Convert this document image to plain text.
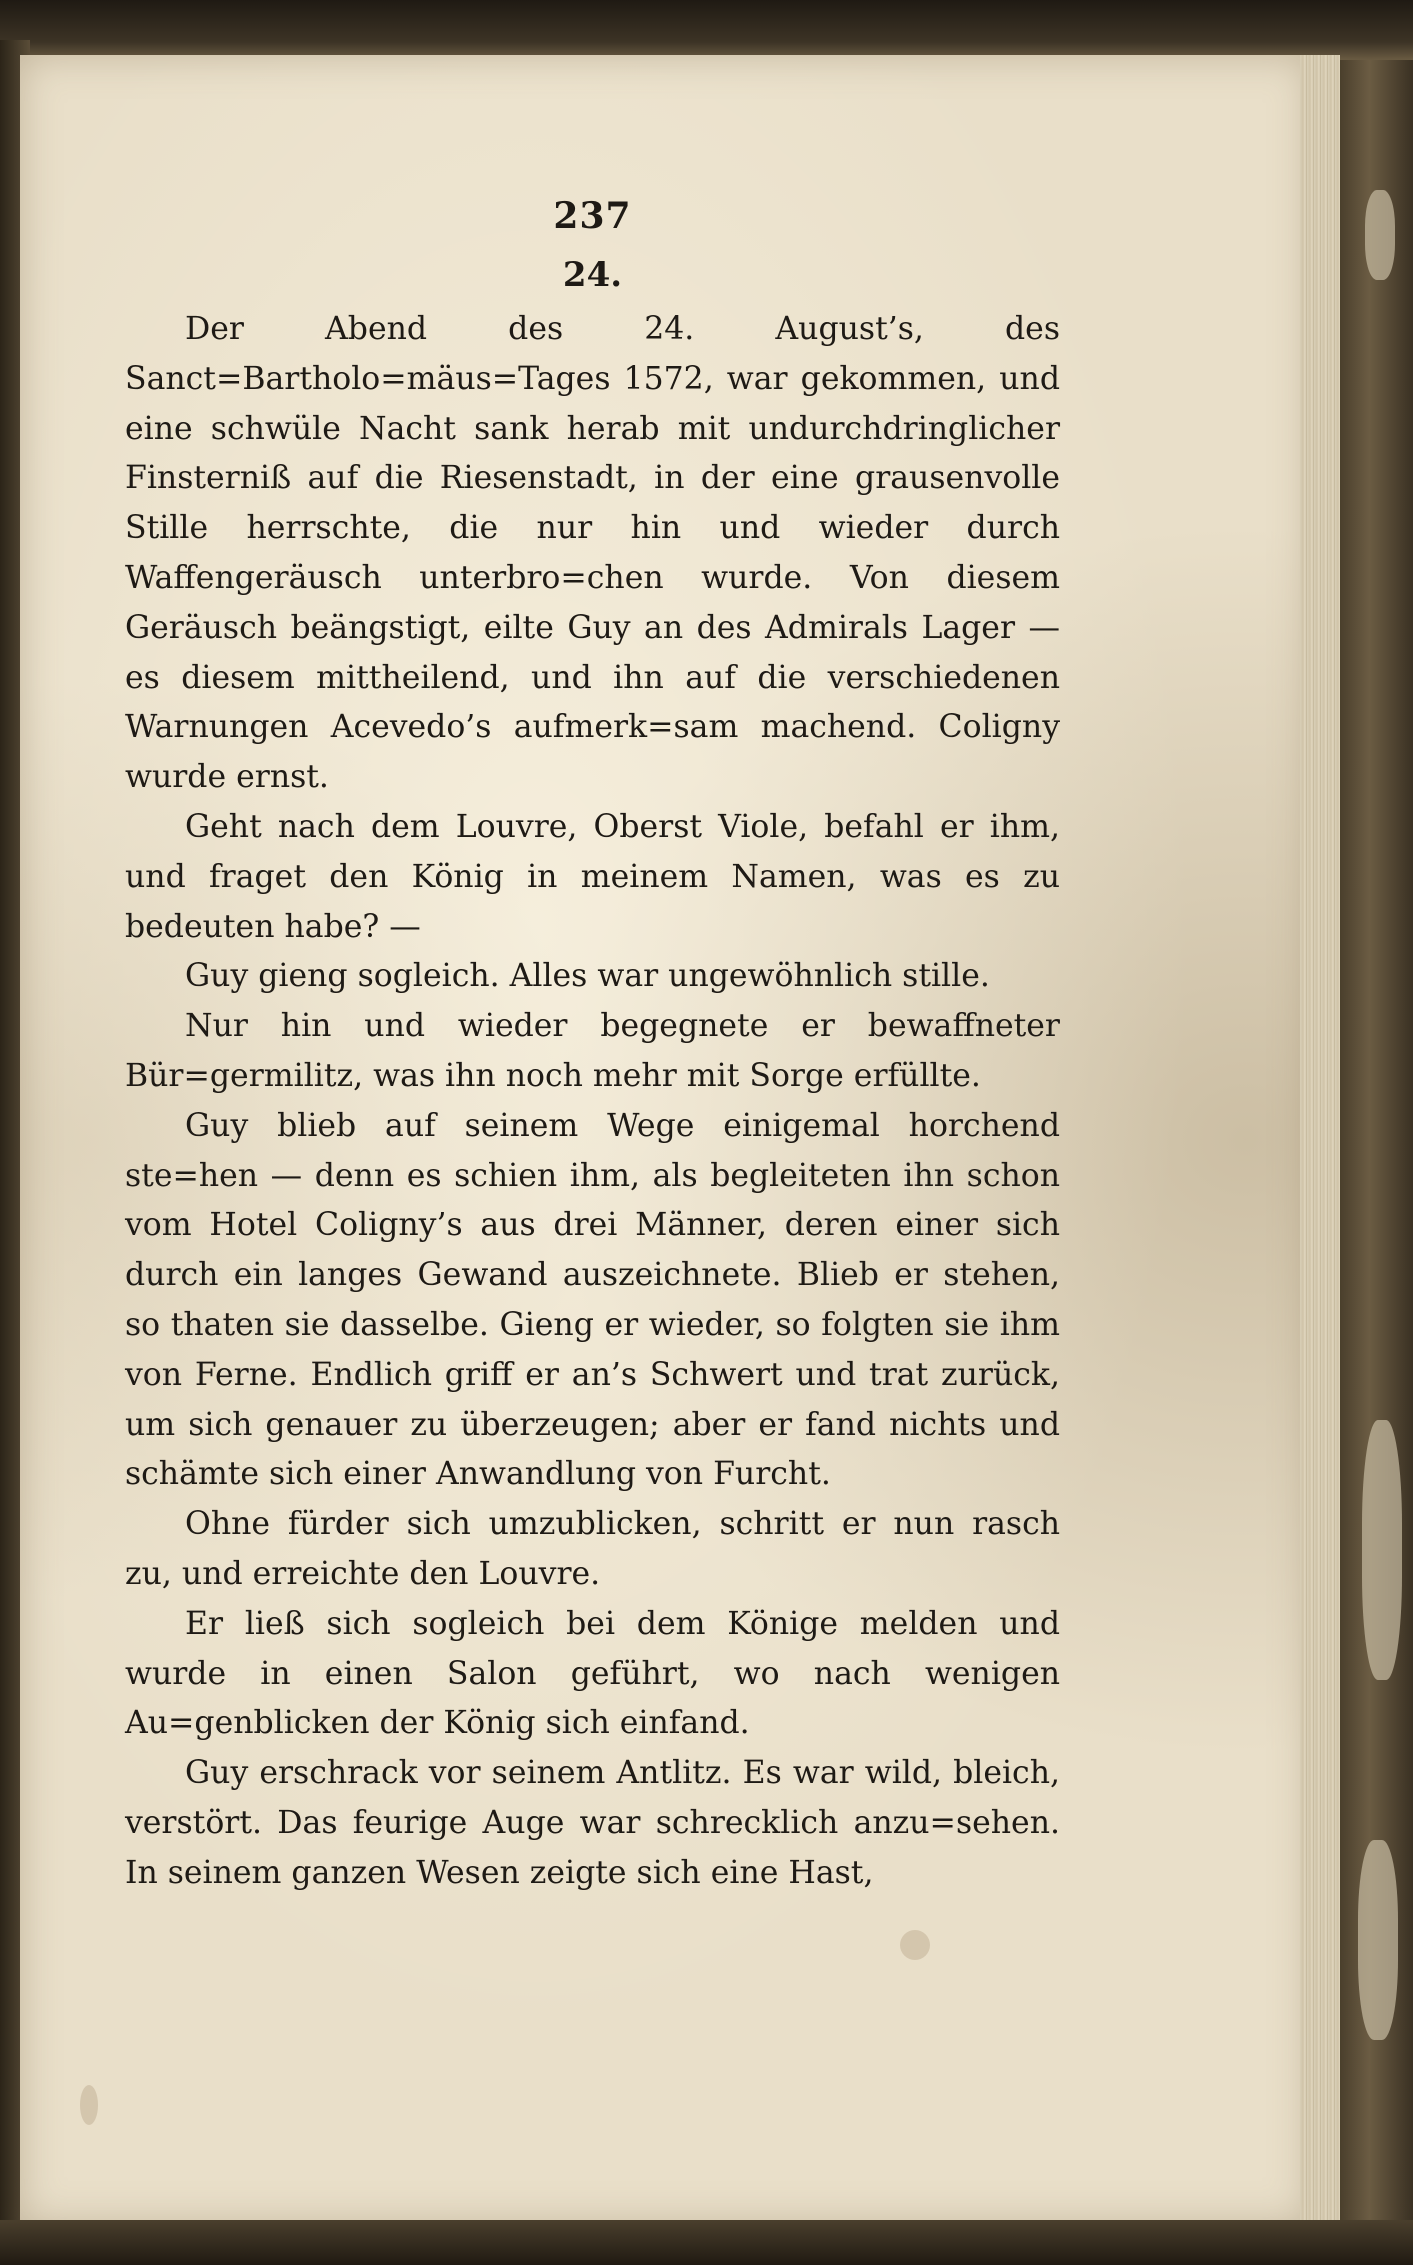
237
24.

Der Abend des 24. August’s, des Sanct=Bartholo=mäus=Tages 1572, war gekommen, und eine schwüle Nacht sank herab mit undurchdringlicher Finsterniß auf die Riesenstadt, in der eine grausenvolle Stille herrschte, die nur hin und wieder durch Waffengeräusch unterbro=chen wurde. Von diesem Geräusch beängstigt, eilte Guy an des Admirals Lager — es diesem mittheilend, und ihn auf die verschiedenen Warnungen Acevedo’s aufmerk=sam machend. Coligny wurde ernst.

Geht nach dem Louvre, Oberst Viole, befahl er ihm, und fraget den König in meinem Namen, was es zu bedeuten habe? —

Guy gieng sogleich. Alles war ungewöhnlich stille.

Nur hin und wieder begegnete er bewaffneter Bür=germilitz, was ihn noch mehr mit Sorge erfüllte.

Guy blieb auf seinem Wege einigemal horchend ste=hen — denn es schien ihm, als begleiteten ihn schon vom Hotel Coligny’s aus drei Männer, deren einer sich durch ein langes Gewand auszeichnete. Blieb er stehen, so thaten sie dasselbe. Gieng er wieder, so folgten sie ihm von Ferne. Endlich griff er an’s Schwert und trat zurück, um sich genauer zu überzeugen; aber er fand nichts und schämte sich einer Anwandlung von Furcht.

Ohne fürder sich umzublicken, schritt er nun rasch zu, und erreichte den Louvre.

Er ließ sich sogleich bei dem Könige melden und wurde in einen Salon geführt, wo nach wenigen Au=genblicken der König sich einfand.

Guy erschrack vor seinem Antlitz. Es war wild, bleich, verstört. Das feurige Auge war schrecklich anzu=sehen. In seinem ganzen Wesen zeigte sich eine Hast,
